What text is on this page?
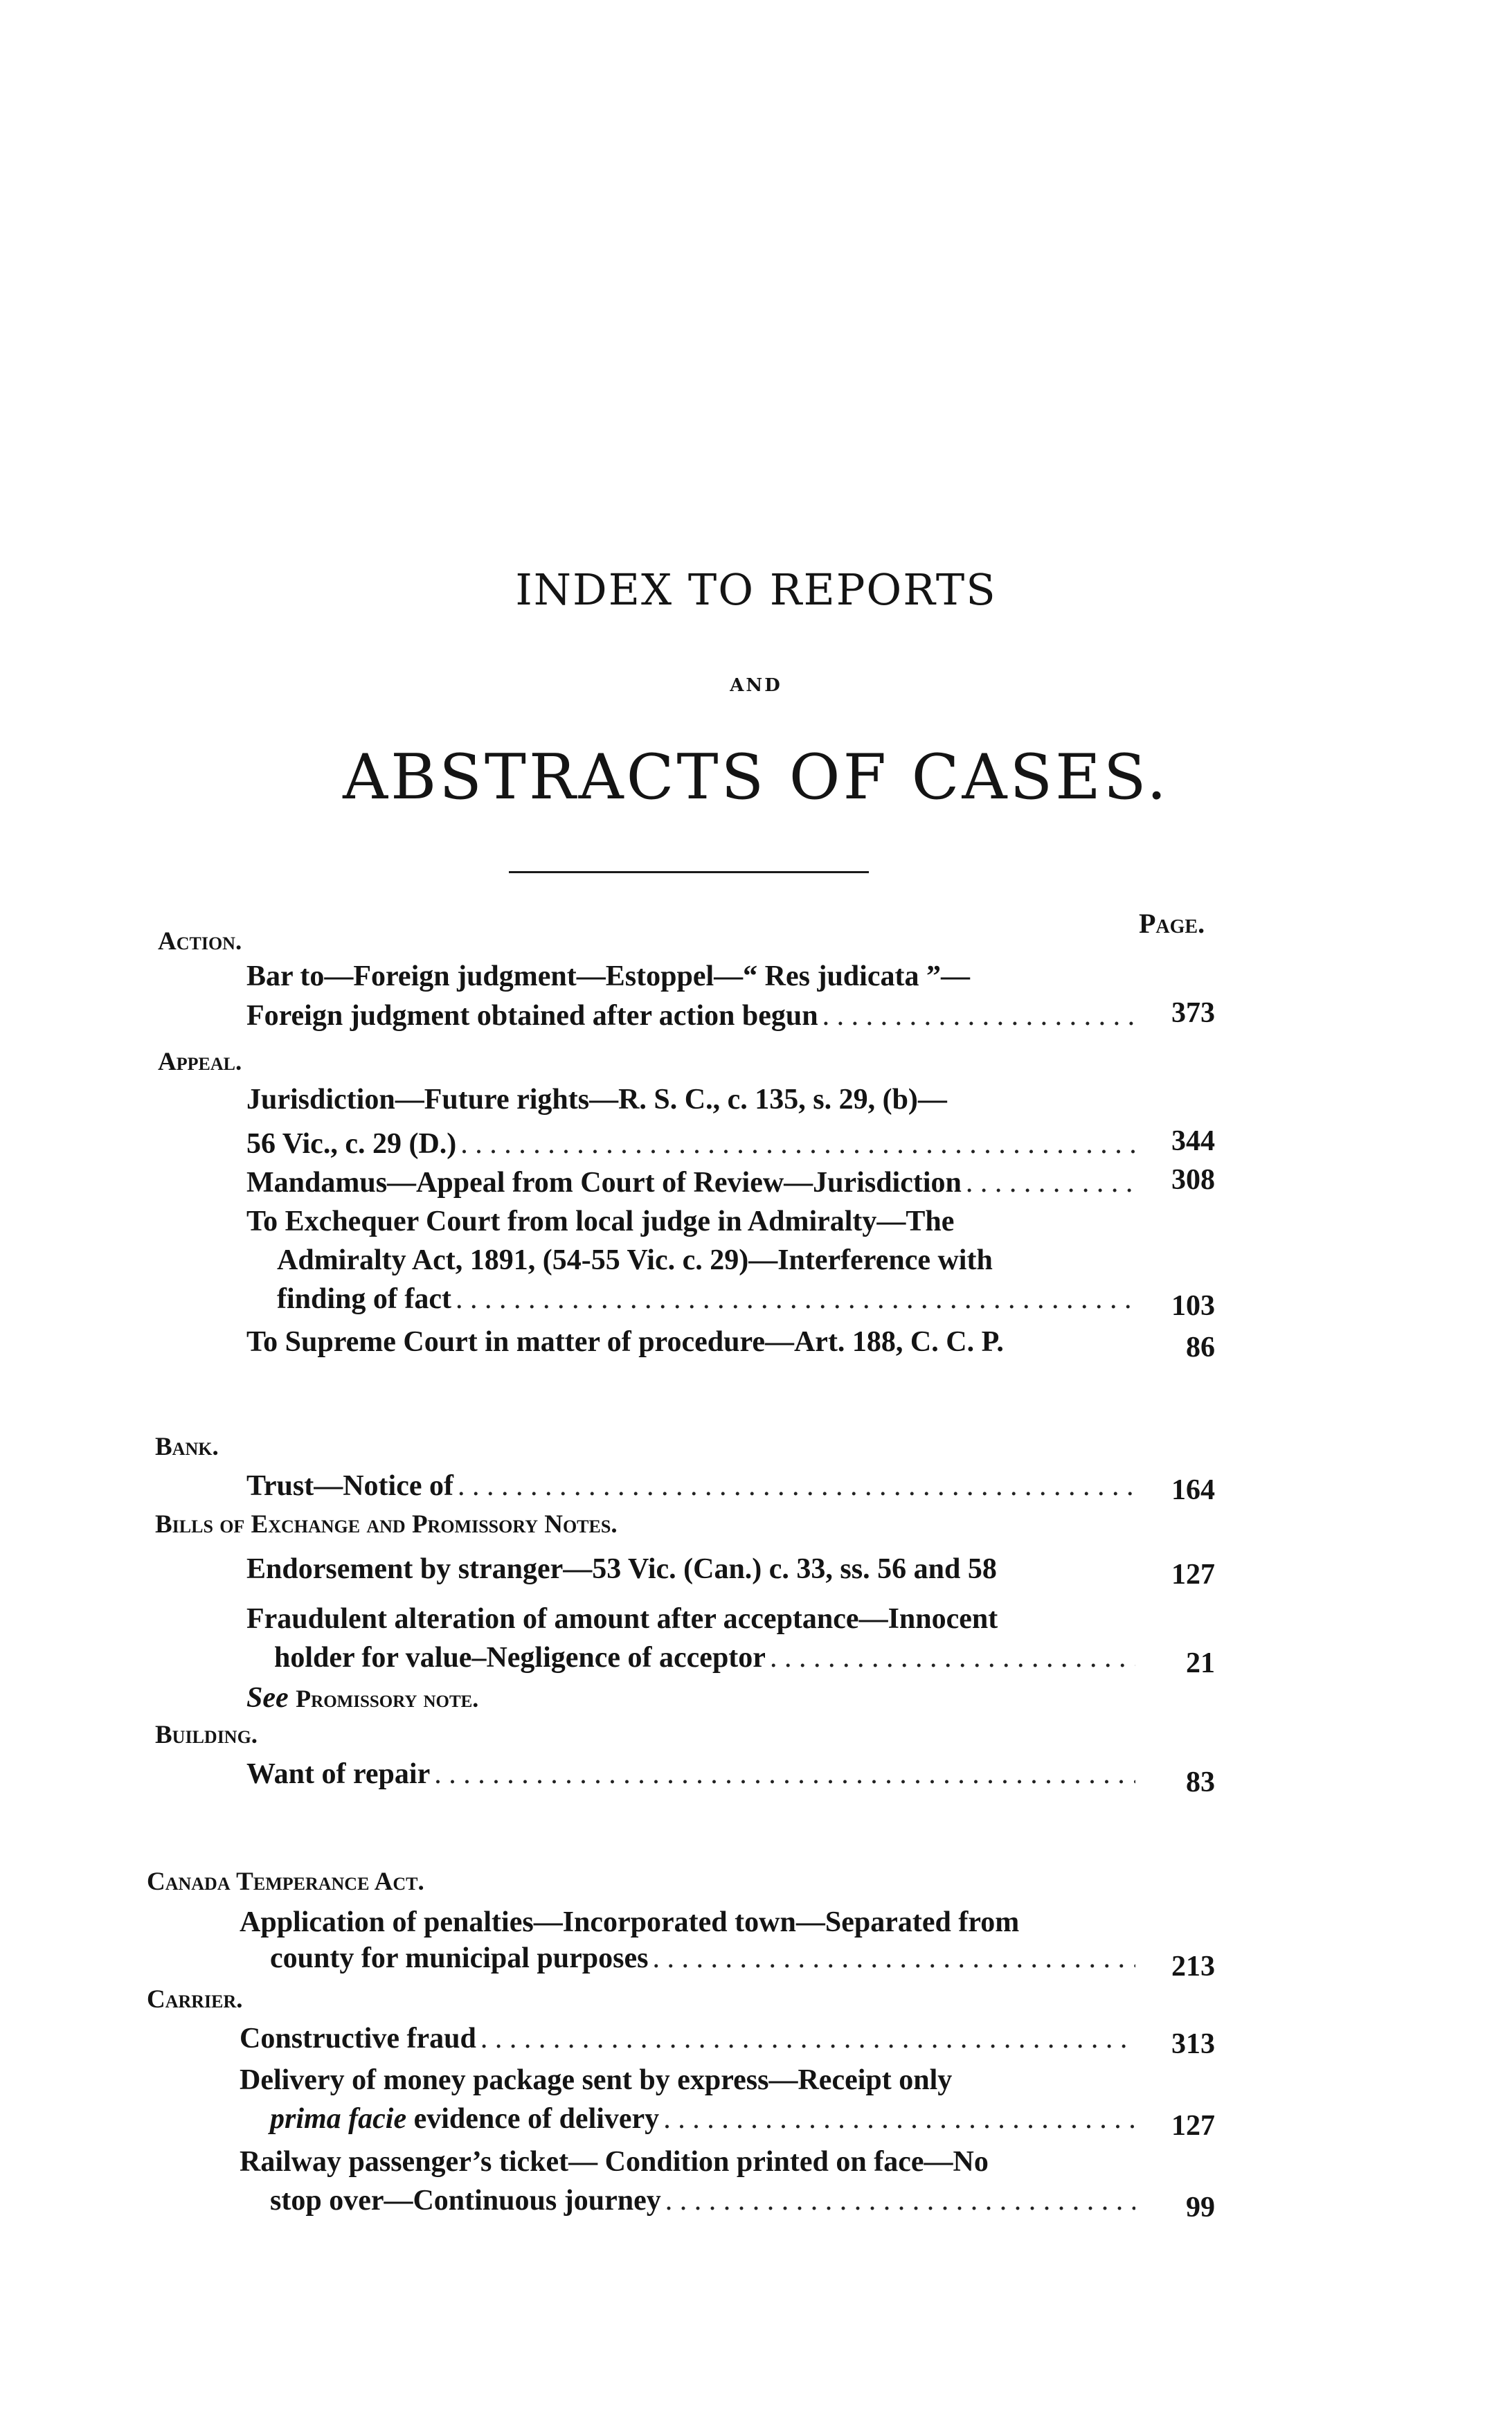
INDEX TO REPORTS
AND
ABSTRACTS OF CASES.
Page.
Action.
Bar to—Foreign judgment—Estoppel—“ Res judicata ”—
Foreign judgment obtained after action begun . . .	373
Appeal.
Jurisdiction—Future rights—R. S. C., c. 135, s. 29, (b)—
56 Vic., c. 29 (D.) . . .	344
Mandamus—Appeal from Court of Review—Jurisdiction . . .	308
To Exchequer Court from local judge in Admiralty—The
Admiralty Act, 1891, (54-55 Vic. c. 29)—Interference with
finding of fact . . .	103
To Supreme Court in matter of procedure—Art. 188, C. C. P.	86
Bank.
Trust—Notice of . . .	164
Bills of Exchange and Promissory Notes.
Endorsement by stranger—53 Vic. (Can.) c. 33, ss. 56 and 58	127
Fraudulent alteration of amount after acceptance—Innocent
holder for value–Negligence of acceptor . . .	21
See Promissory note.
Building.
Want of repair . . .	83
Canada Temperance Act.
Application of penalties—Incorporated town—Separated from
county for municipal purposes . . .	213
Carrier.
Constructive fraud . . .	313
Delivery of money package sent by express—Receipt only
prima facie
evidence of delivery . . .	127
Railway passenger’s ticket— Condition printed on face—No
stop over—Continuous journey . . .	99
